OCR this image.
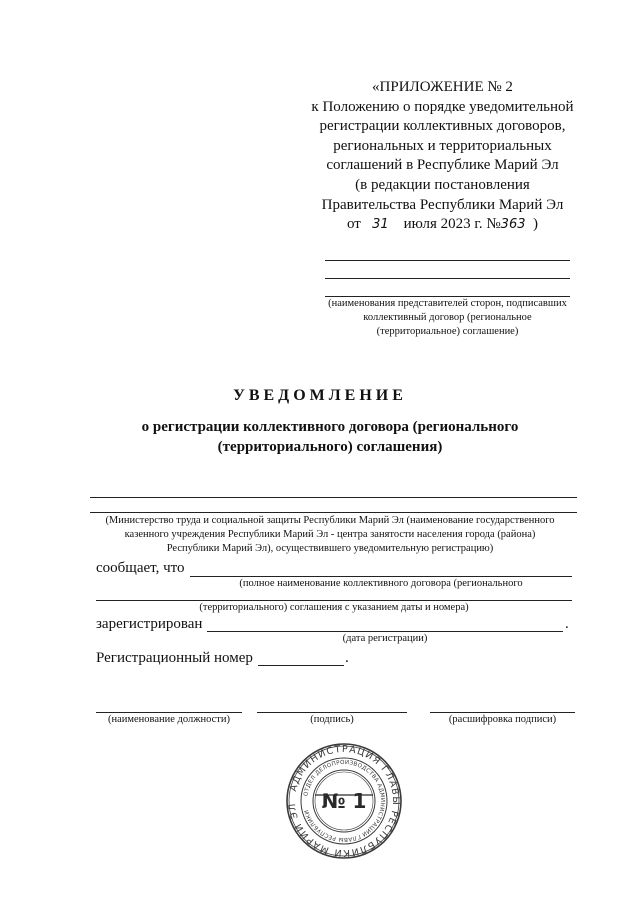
«ПРИЛОЖЕНИЕ № 2
к Положению о порядке уведомительной
регистрации коллективных договоров,
региональных и территориальных
соглашений в Республике Марий Эл
(в редакции постановления
Правительства Республики Марий Эл
от 31 июля 2023 г. №363 )
(наименования представителей сторон, подписавших
коллективный договор (региональное
(территориальное) соглашение)
УВЕДОМЛЕНИЕ
о регистрации коллективного договора (регионального
(территориального) соглашения)
(Министерство труда и социальной защиты Республики Марий Эл (наименование государственного
казенного учреждения Республики Марий Эл - центра занятости населения города (района)
Республики Марий Эл), осуществившего уведомительную регистрацию)
сообщает, что
(полное наименование коллективного договора (регионального
(территориального) соглашения с указанием даты и номера)
зарегистрирован	.
(дата регистрации)
Регистрационный номер	.
(наименование должности)	(подпись)	(расшифровка подписи)
АДМИНИСТРАЦИЯ ГЛАВЫ РЕСПУБЛИКИ МАРИЙ ЭЛ
ОТДЕЛ ДЕЛОПРОИЗВОДСТВА АДМИНИСТРАЦИИ ГЛАВЫ РЕСПУБЛИКИ № 1
